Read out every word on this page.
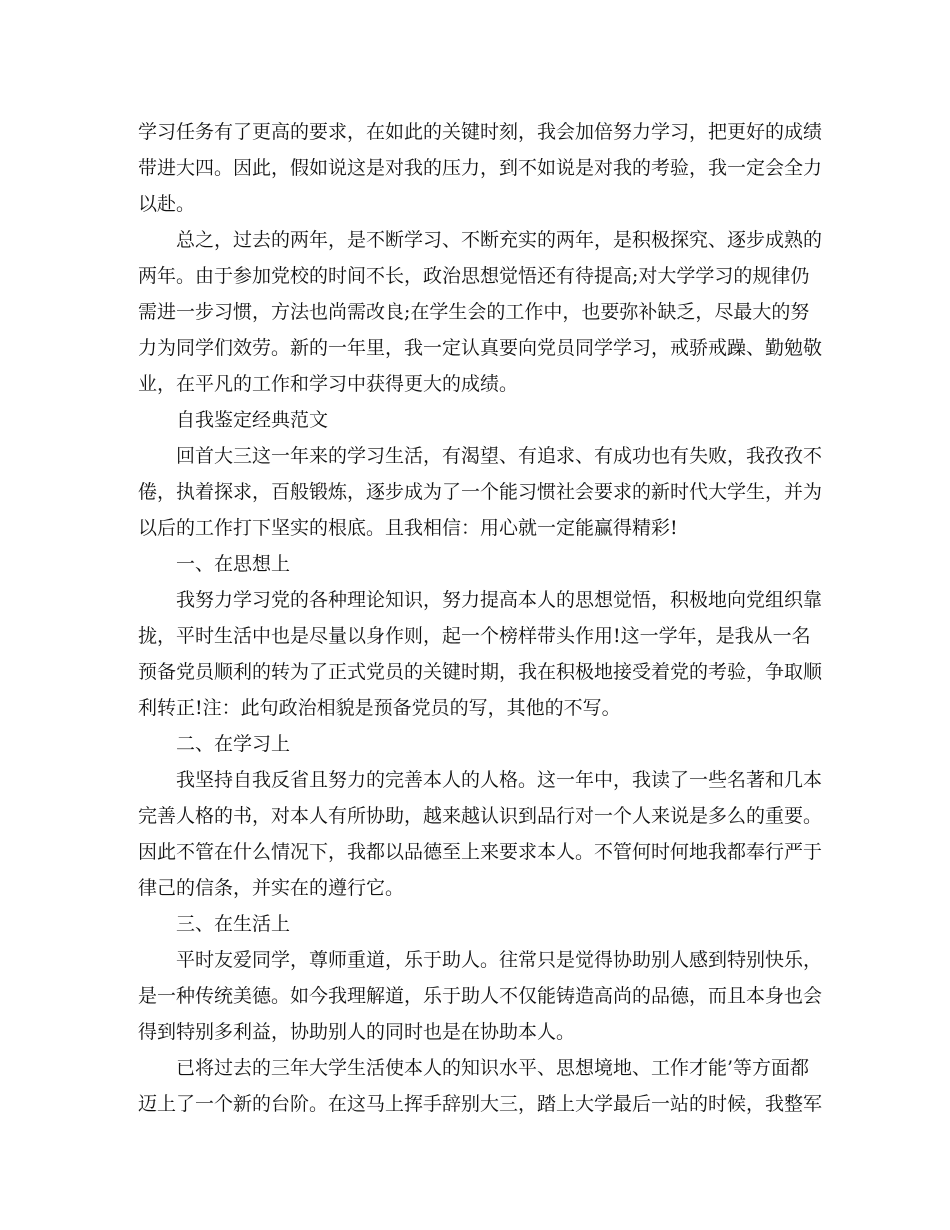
学习任务有了更高的要求，在如此的关键时刻，我会加倍努力学习，把更好的成绩
带进大四。因此，假如说这是对我的压力，到不如说是对我的考验，我一定会全力
以赴。
总之，过去的两年，是不断学习、不断充实的两年，是积极探究、逐步成熟的
两年。由于参加党校的时间不长，政治思想觉悟还有待提高;对大学学习的规律仍
需进一步习惯，方法也尚需改良;在学生会的工作中，也要弥补缺乏，尽最大的努
力为同学们效劳。新的一年里，我一定认真要向党员同学学习，戒骄戒躁、勤勉敬
业，在平凡的工作和学习中获得更大的成绩。
自我鉴定经典范文
回首大三这一年来的学习生活，有渴望、有追求、有成功也有失败，我孜孜不
倦，执着探求，百般锻炼，逐步成为了一个能习惯社会要求的新时代大学生，并为
以后的工作打下坚实的根底。且我相信：用心就一定能赢得精彩!
一、在思想上
我努力学习党的各种理论知识，努力提高本人的思想觉悟，积极地向党组织靠
拢，平时生活中也是尽量以身作则，起一个榜样带头作用!这一学年，是我从一名
预备党员顺利的转为了正式党员的关键时期，我在积极地接受着党的考验，争取顺
利转正!注：此句政治相貌是预备党员的写，其他的不写。
二、在学习上
我坚持自我反省且努力的完善本人的人格。这一年中，我读了一些名著和几本
完善人格的书，对本人有所协助，越来越认识到品行对一个人来说是多么的重要。
因此不管在什么情况下，我都以品德至上来要求本人。不管何时何地我都奉行严于
律己的信条，并实在的遵行它。
三、在生活上
平时友爱同学，尊师重道，乐于助人。往常只是觉得协助别人感到特别快乐，
是一种传统美德。如今我理解道，乐于助人不仅能铸造高尚的品德，而且本身也会
得到特别多利益，协助别人的同时也是在协助本人。
已将过去的三年大学生活使本人的知识水平、思想境地、工作才能’等方面都
迈上了一个新的台阶。在这马上挥手辞别大三，踏上大学最后一站的时候，我整军
